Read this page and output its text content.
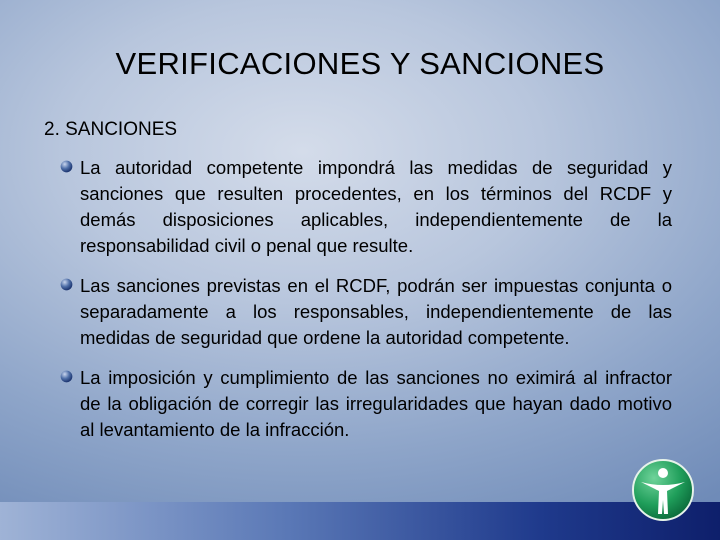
VERIFICACIONES Y SANCIONES
2. SANCIONES
La autoridad competente impondrá las medidas de seguridad y sanciones que resulten procedentes, en los términos del RCDF y demás disposiciones aplicables, independientemente de la responsabilidad civil o penal que resulte.
Las sanciones previstas en el RCDF, podrán ser impuestas conjunta o separadamente a los responsables, independientemente de las medidas de seguridad que ordene la autoridad competente.
La imposición y cumplimiento de las sanciones no eximirá al infractor de la obligación de corregir las irregularidades que hayan dado motivo al levantamiento de la infracción.
